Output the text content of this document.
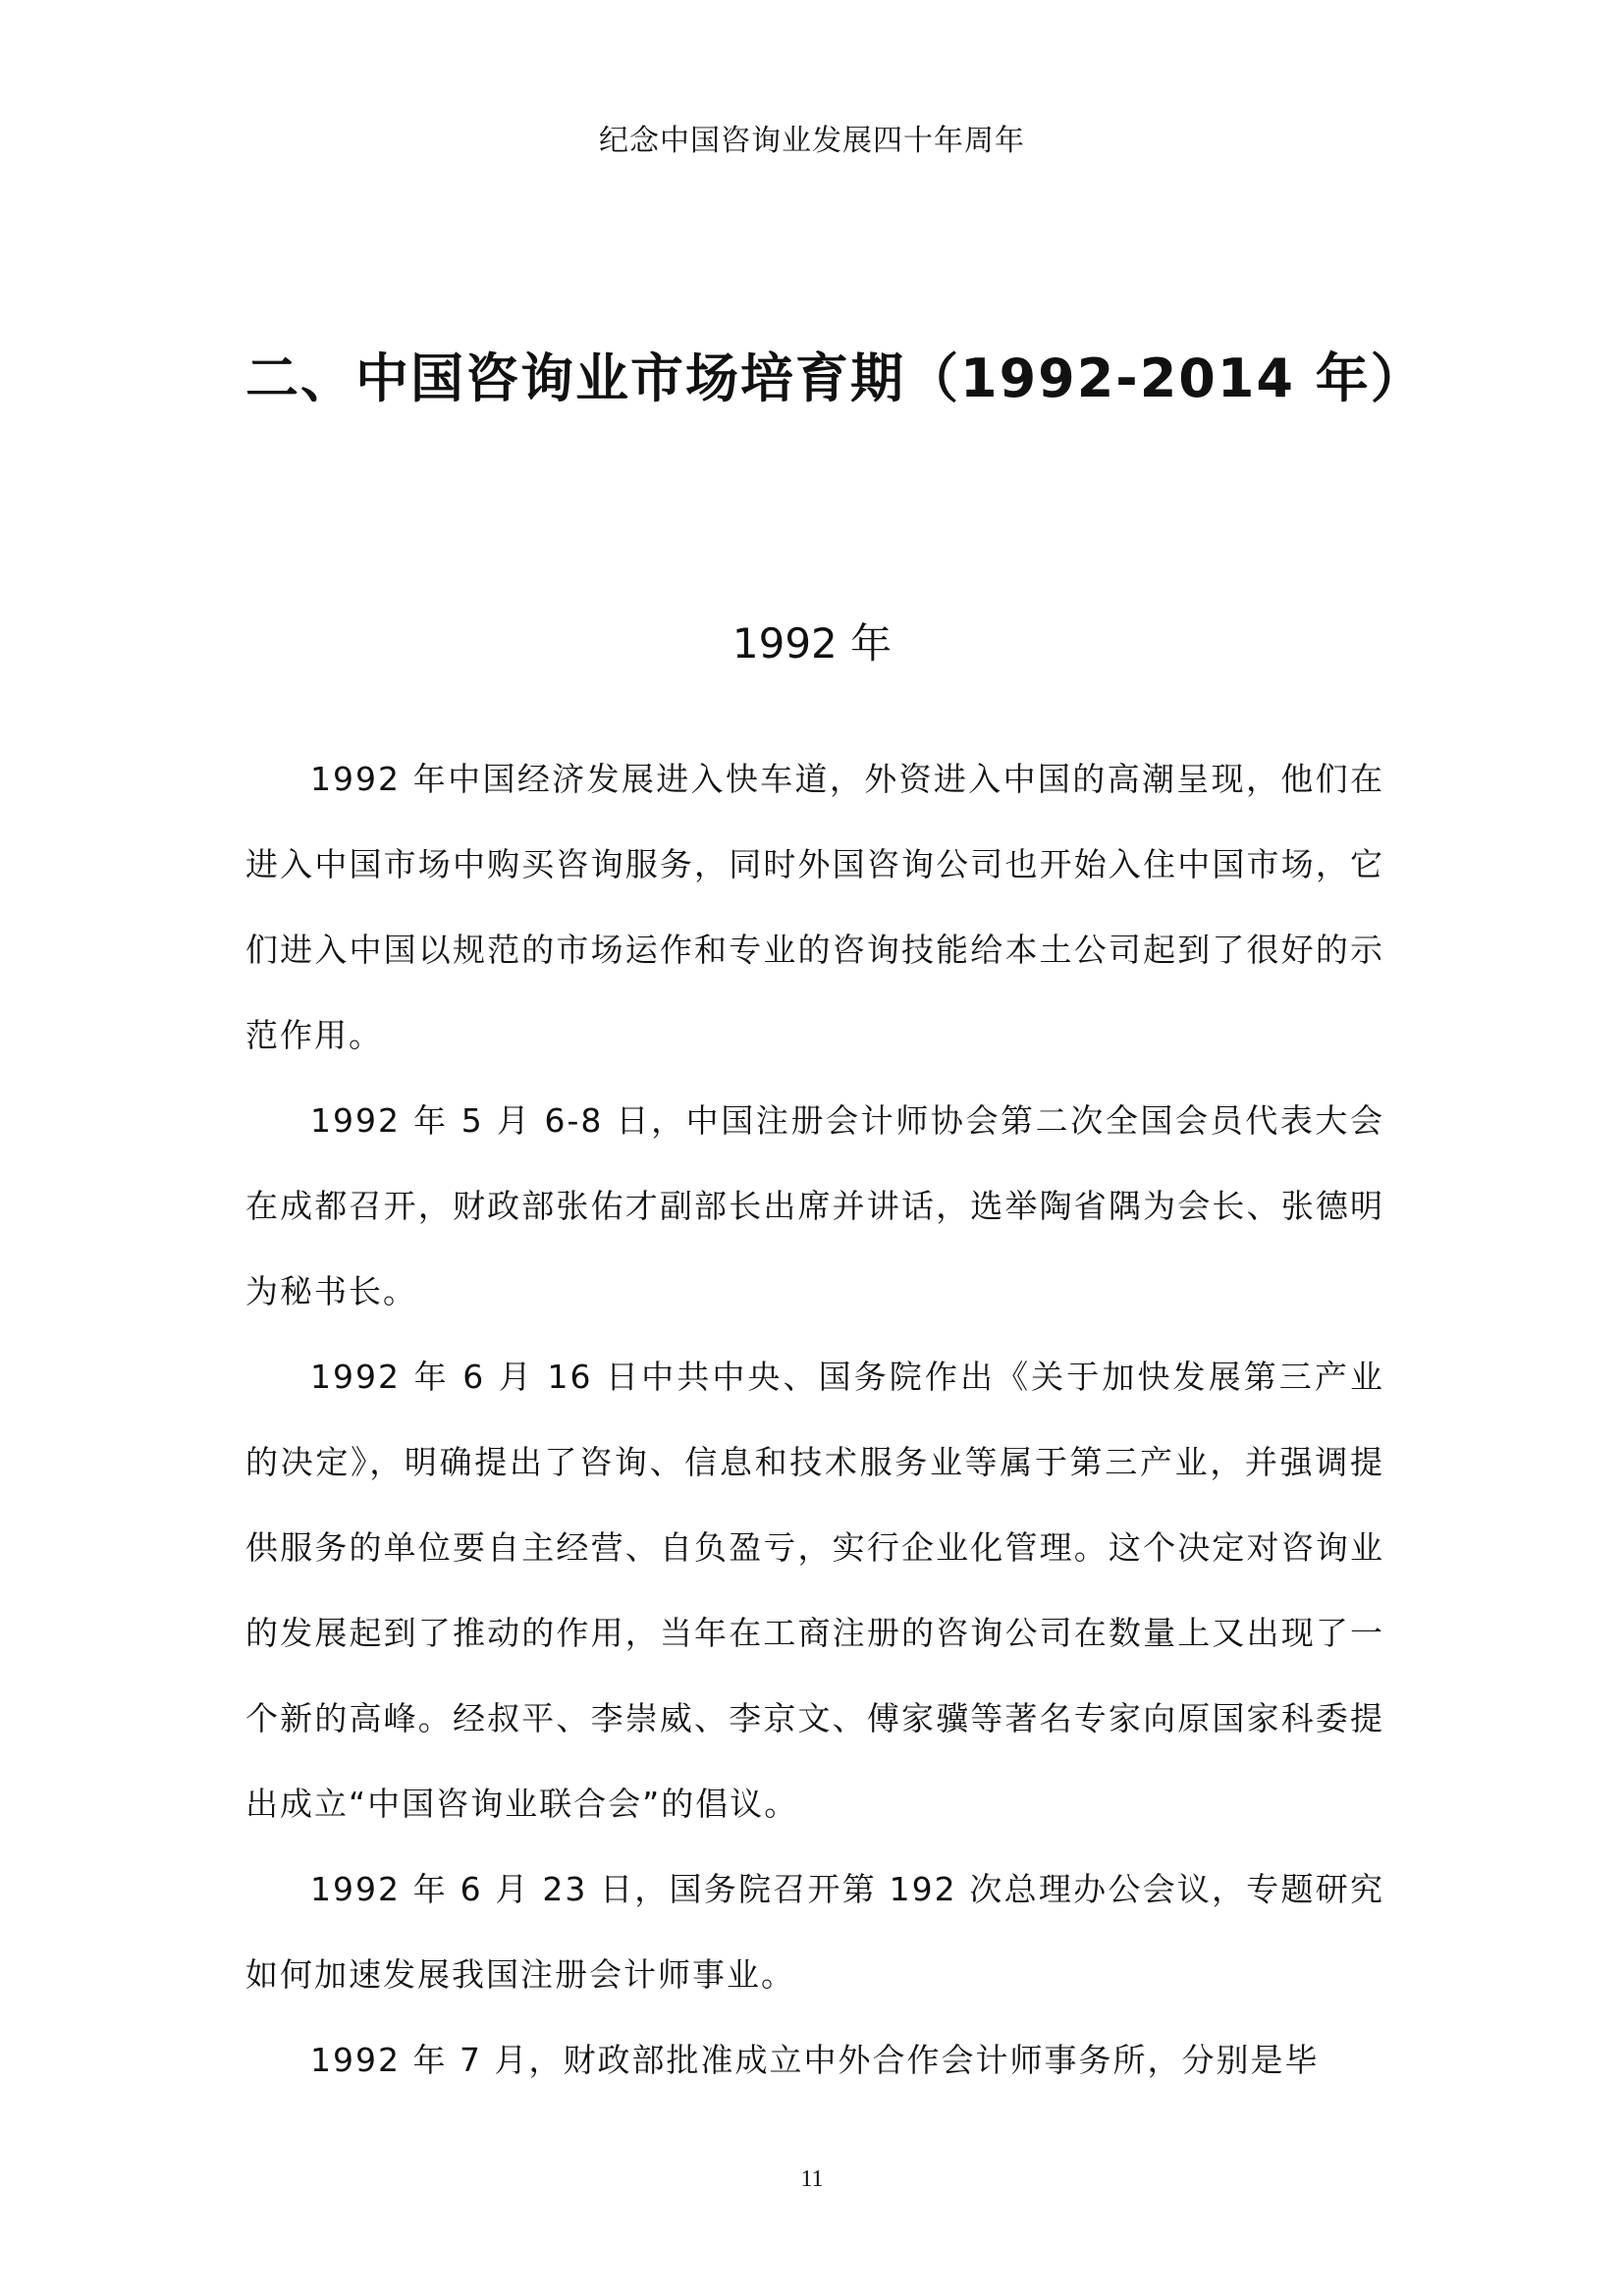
纪念中国咨询业发展四十年周年
二、中国咨询业市场培育期（1992-2014 年）
1992 年

1992 年中国经济发展进入快车道，外资进入中国的高潮呈现，他们在进入中国市场中购买咨询服务，同时外国咨询公司也开始入住中国市场，它们进入中国以规范的市场运作和专业的咨询技能给本土公司起到了很好的示范作用。

1992 年 5 月 6-8 日，中国注册会计师协会第二次全国会员代表大会在成都召开，财政部张佑才副部长出席并讲话，选举陶省隅为会长、张德明为秘书长。

1992 年 6 月 16 日中共中央、国务院作出《关于加快发展第三产业的决定》，明确提出了咨询、信息和技术服务业等属于第三产业，并强调提供服务的单位要自主经营、自负盈亏，实行企业化管理。这个决定对咨询业的发展起到了推动的作用，当年在工商注册的咨询公司在数量上又出现了一个新的高峰。经叔平、李崇威、李京文、傅家骥等著名专家向原国家科委提出成立“中国咨询业联合会”的倡议。

1992 年 6 月 23 日，国务院召开第 192 次总理办公会议，专题研究如何加速发展我国注册会计师事业。

1992 年 7 月，财政部批准成立中外合作会计师事务所，分别是毕

11
